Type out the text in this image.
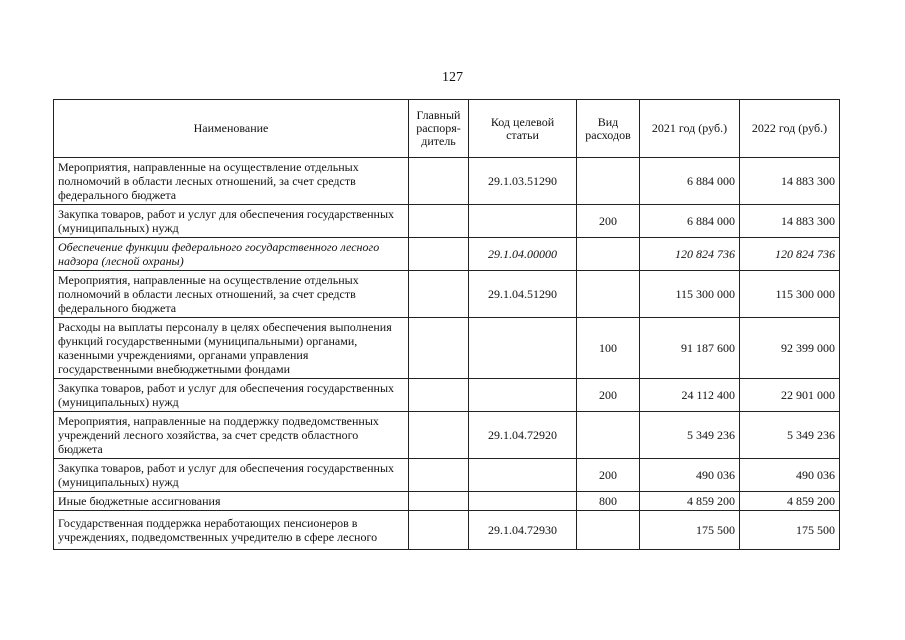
127
Наименование	Главный распоря-дитель	Код целевой статьи	Вид расходов	2021 год (руб.)	2022 год (руб.)
Мероприятия, направленные на осуществление отдельных полномочий в области лесных отношений, за счет средств федерального бюджета		29.1.03.51290		6 884 000	14 883 300
Закупка товаров, работ и услуг для обеспечения государственных (муниципальных) нужд			200	6 884 000	14 883 300
Обеспечение функции федерального государственного лесного надзора (лесной охраны)		29.1.04.00000		120 824 736	120 824 736
Мероприятия, направленные на осуществление отдельных полномочий в области лесных отношений, за счет средств федерального бюджета		29.1.04.51290		115 300 000	115 300 000
Расходы на выплаты персоналу в целях обеспечения выполнения функций государственными (муниципальными) органами, казенными учреждениями, органами управления государственными внебюджетными фондами			100	91 187 600	92 399 000
Закупка товаров, работ и услуг для обеспечения государственных (муниципальных) нужд			200	24 112 400	22 901 000
Мероприятия, направленные на поддержку подведомственных учреждений лесного хозяйства, за счет средств областного бюджета		29.1.04.72920		5 349 236	5 349 236
Закупка товаров, работ и услуг для обеспечения государственных (муниципальных) нужд			200	490 036	490 036
Иные бюджетные ассигнования			800	4 859 200	4 859 200
Государственная поддержка неработающих пенсионеров в учреждениях, подведомственных учредителю в сфере лесного		29.1.04.72930		175 500	175 500
